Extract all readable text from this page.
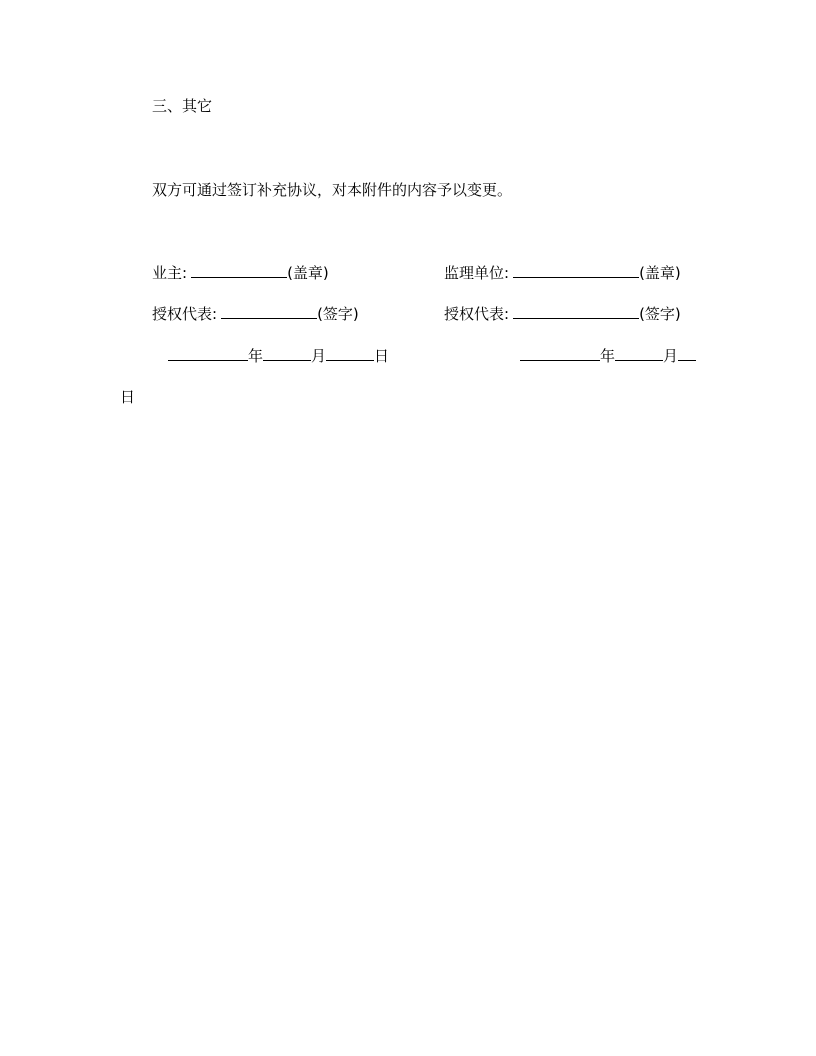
三、其它
双方可通过签订补充协议，对本附件的内容予以变更。
业主:	(盖章)	监理单位:	(盖章)
授权代表:	(签字)	授权代表:	(签字)
年	月	日	年	月
日
